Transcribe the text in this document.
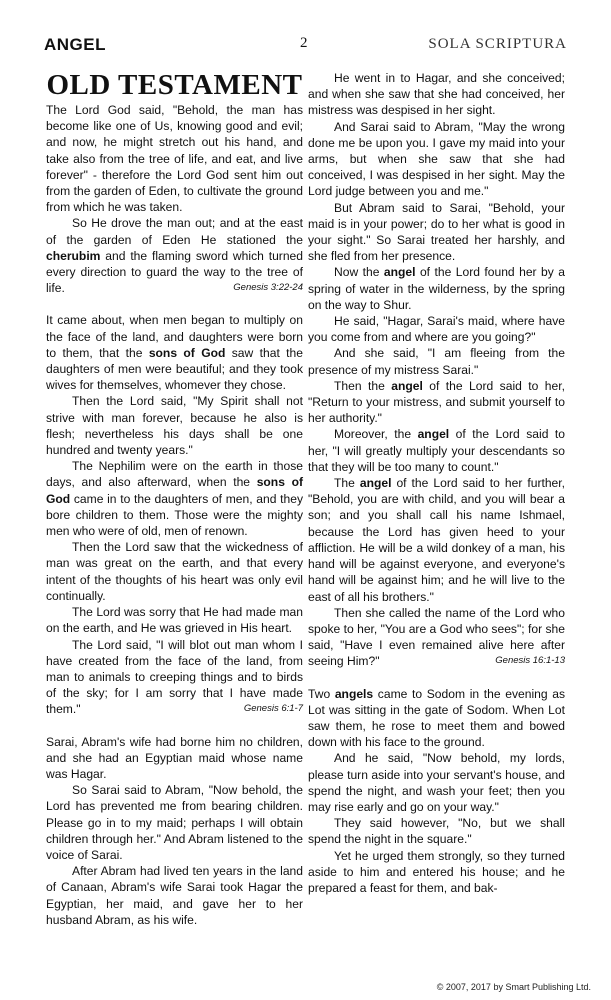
ANGEL	2	SOLA SCRIPTURA
OLD TESTAMENT

The Lord God said, "Behold, the man has become like one of Us, knowing good and evil; and now, he might stretch out his hand, and take also from the tree of life, and eat, and live forever" - therefore the Lord God sent him out from the garden of Eden, to cultivate the ground from which he was taken.

So He drove the man out; and at the east of the garden of Eden He stationed the cherubim and the flaming sword which turned every direction to guard the way to the tree of life.	Genesis 3:22-24

It came about, when men began to multiply on the face of the land, and daughters were born to them, that the sons of God saw that the daughters of men were beautiful; and they took wives for themselves, whomever they chose.

Then the Lord said, "My Spirit shall not strive with man forever, because he also is flesh; nevertheless his days shall be one hundred and twenty years."

The Nephilim were on the earth in those days, and also afterward, when the sons of God came in to the daughters of men, and they bore children to them. Those were the mighty men who were of old, men of renown.

Then the Lord saw that the wickedness of man was great on the earth, and that every intent of the thoughts of his heart was only evil continually.

The Lord was sorry that He had made man on the earth, and He was grieved in His heart.

The Lord said, "I will blot out man whom I have created from the face of the land, from man to animals to creeping things and to birds of the sky; for I am sorry that I have made them."	Genesis 6:1-7

Sarai, Abram's wife had borne him no children, and she had an Egyptian maid whose name was Hagar.

So Sarai said to Abram, "Now behold, the Lord has prevented me from bearing children. Please go in to my maid; perhaps I will obtain children through her." And Abram listened to the voice of Sarai.

After Abram had lived ten years in the land of Canaan, Abram's wife Sarai took Hagar the Egyptian, her maid, and gave her to her husband Abram, as his wife.

He went in to Hagar, and she conceived; and when she saw that she had conceived, her mistress was despised in her sight.

And Sarai said to Abram, "May the wrong done me be upon you. I gave my maid into your arms, but when she saw that she had conceived, I was despised in her sight. May the Lord judge between you and me."

But Abram said to Sarai, "Behold, your maid is in your power; do to her what is good in your sight." So Sarai treated her harshly, and she fled from her presence.

Now the angel of the Lord found her by a spring of water in the wilderness, by the spring on the way to Shur.

He said, "Hagar, Sarai's maid, where have you come from and where are you going?"

And she said, "I am fleeing from the presence of my mistress Sarai."

Then the angel of the Lord said to her, "Return to your mistress, and submit yourself to her authority."

Moreover, the angel of the Lord said to her, "I will greatly multiply your descendants so that they will be too many to count."

The angel of the Lord said to her further, "Behold, you are with child, and you will bear a son; and you shall call his name Ishmael, because the Lord has given heed to your affliction. He will be a wild donkey of a man, his hand will be against everyone, and everyone's hand will be against him; and he will live to the east of all his brothers."

Then she called the name of the Lord who spoke to her, "You are a God who sees"; for she said, "Have I even remained alive here after seeing Him?"	Genesis 16:1-13

Two angels came to Sodom in the evening as Lot was sitting in the gate of Sodom. When Lot saw them, he rose to meet them and bowed down with his face to the ground.

And he said, "Now behold, my lords, please turn aside into your servant's house, and spend the night, and wash your feet; then you may rise early and go on your way."

They said however, "No, but we shall spend the night in the square."

Yet he urged them strongly, so they turned aside to him and entered his house; and he prepared a feast for them, and bak-

© 2007, 2017 by Smart Publishing Ltd.
